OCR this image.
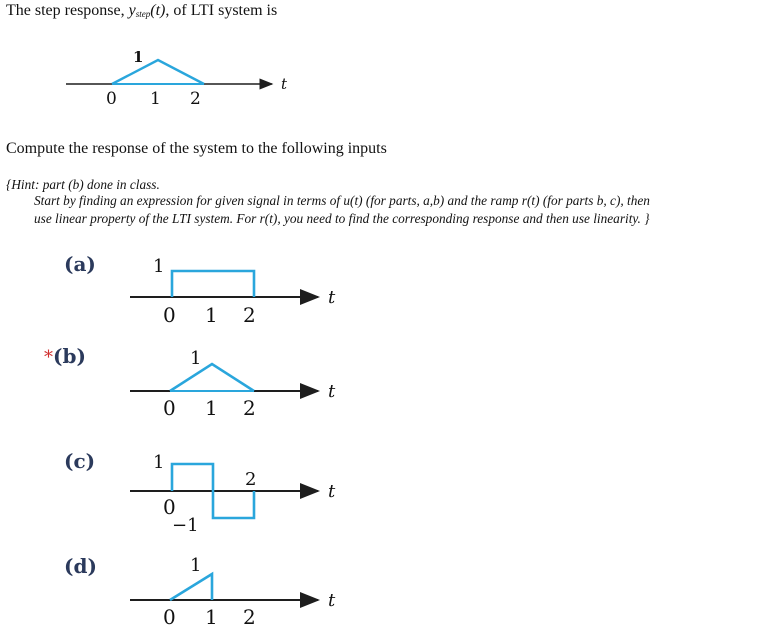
The step response, $y_{step}(t)$, of LTI system is
Compute the response of the system to the following inputs
{Hint: part (b) done in class.
Start by finding an expression for given signal in terms of u(t) (for parts, a,b) and the ramp r(t) (for parts b, c), then
use linear property of the LTI system. For r(t), you need to find the corresponding response and then use linearity. }
(a)
*(b)
(c)
(d)
1
0 1 2
t
1
0 1 2
t
1
0 1 2
t
1
0
2
−1
t
1
0 1 2
t
